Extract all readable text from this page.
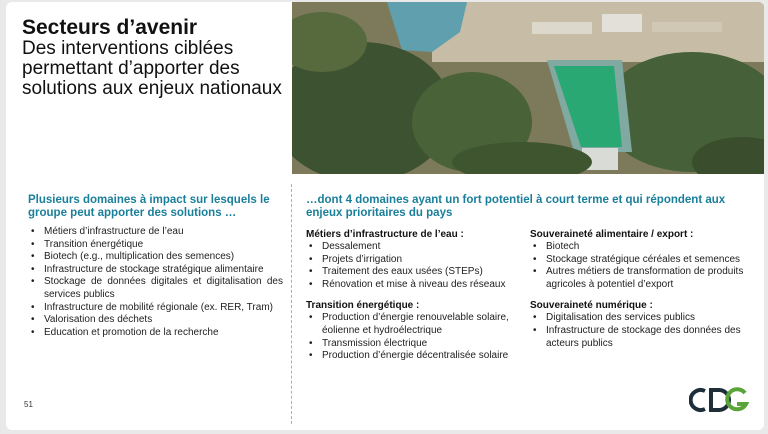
Secteurs d’avenir
Des interventions ciblées permettant d’apporter des solutions aux enjeux nationaux
Plusieurs domaines à impact sur lesquels le groupe peut apporter des solutions …
…dont 4 domaines ayant un fort potentiel à court terme et qui répondent aux enjeux prioritaires du pays
• Métiers d’infrastructure de l’eau
• Transition énergétique
• Biotech (e.g., multiplication des semences)
• Infrastructure de stockage stratégique alimentaire
• Stockage de données digitales et digitalisation des services publics
• Infrastructure de mobilité régionale (ex. RER, Tram)
• Valorisation des déchets
• Education et promotion de la recherche
Métiers d’infrastructure de l’eau :
• Dessalement
• Projets d’irrigation
• Traitement des eaux usées (STEPs)
• Rénovation et mise à niveau des réseaux
Transition énergétique :
• Production d’énergie renouvelable solaire, éolienne et hydroélectrique
• Transmission électrique
• Production d’énergie décentralisée solaire
Souveraineté alimentaire / export :
• Biotech
• Stockage stratégique céréales et semences
• Autres métiers de transformation de produits agricoles à potentiel d’export
Souveraineté numérique :
• Digitalisation des services publics
• Infrastructure de stockage des données des acteurs publics
51
